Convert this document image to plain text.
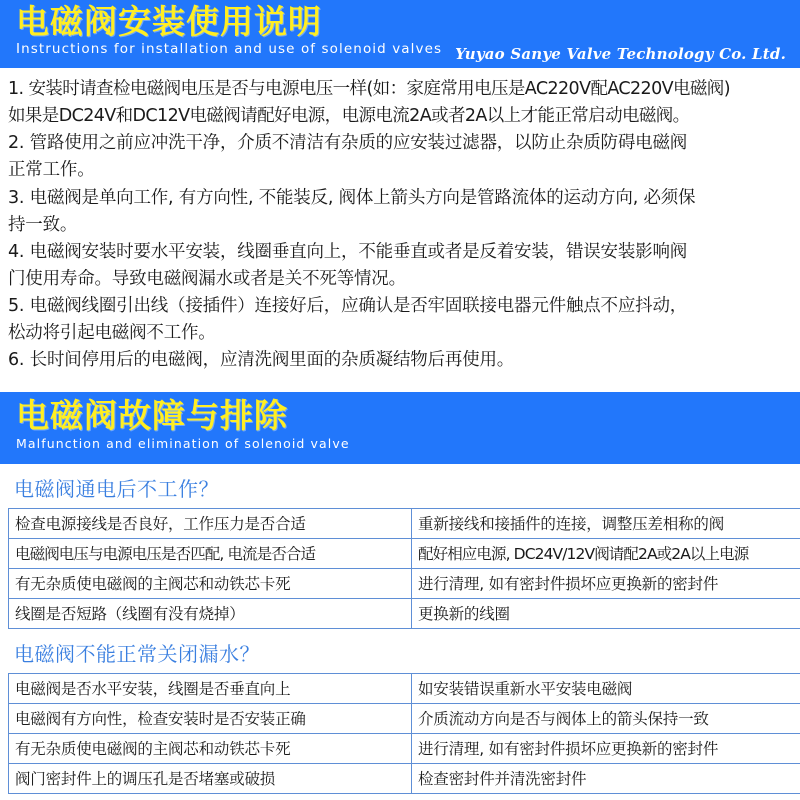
电磁阀安装使用说明
Instructions for installation and use of solenoid valves Yuyao Sanye Valve Technology Co. Ltd.
1. 安装时请查检电磁阀电压是否与电源电压一样(如：家庭常用电压是AC220V配AC220V电磁阀)
如果是DC24V和DC12V电磁阀请配好电源，电源电流2A或者2A以上才能正常启动电磁阀。
2. 管路使用之前应冲洗干净，介质不清洁有杂质的应安装过滤器，以防止杂质防碍电磁阀
正常工作。
3. 电磁阀是单向工作, 有方向性, 不能装反, 阀体上箭头方向是管路流体的运动方向, 必须保
持一致。
4. 电磁阀安装时要水平安装，线圈垂直向上，不能垂直或者是反着安装，错误安装影响阀
门使用寿命。导致电磁阀漏水或者是关不死等情况。
5. 电磁阀线圈引出线（接插件）连接好后，应确认是否牢固联接电器元件触点不应抖动，
松动将引起电磁阀不工作。
6. 长时间停用后的电磁阀，应清洗阀里面的杂质凝结物后再使用。
电磁阀故障与排除
Malfunction and elimination of solenoid valve
电磁阀通电后不工作？
检查电源接线是否良好，工作压力是否合适	重新接线和接插件的连接，调整压差相称的阀
电磁阀电压与电源电压是否匹配, 电流是否合适	配好相应电源, DC24V/12V阀请配2A或2A以上电源
有无杂质使电磁阀的主阀芯和动铁芯卡死	进行清理, 如有密封件损坏应更换新的密封件
线圈是否短路（线圈有没有烧掉）	更换新的线圈
电磁阀不能正常关闭漏水？
电磁阀是否水平安装，线圈是否垂直向上	如安装错误重新水平安装电磁阀
电磁阀有方向性，检查安装时是否安装正确	介质流动方向是否与阀体上的箭头保持一致
有无杂质使电磁阀的主阀芯和动铁芯卡死	进行清理, 如有密封件损坏应更换新的密封件
阀门密封件上的调压孔是否堵塞或破损	检查密封件并清洗密封件
